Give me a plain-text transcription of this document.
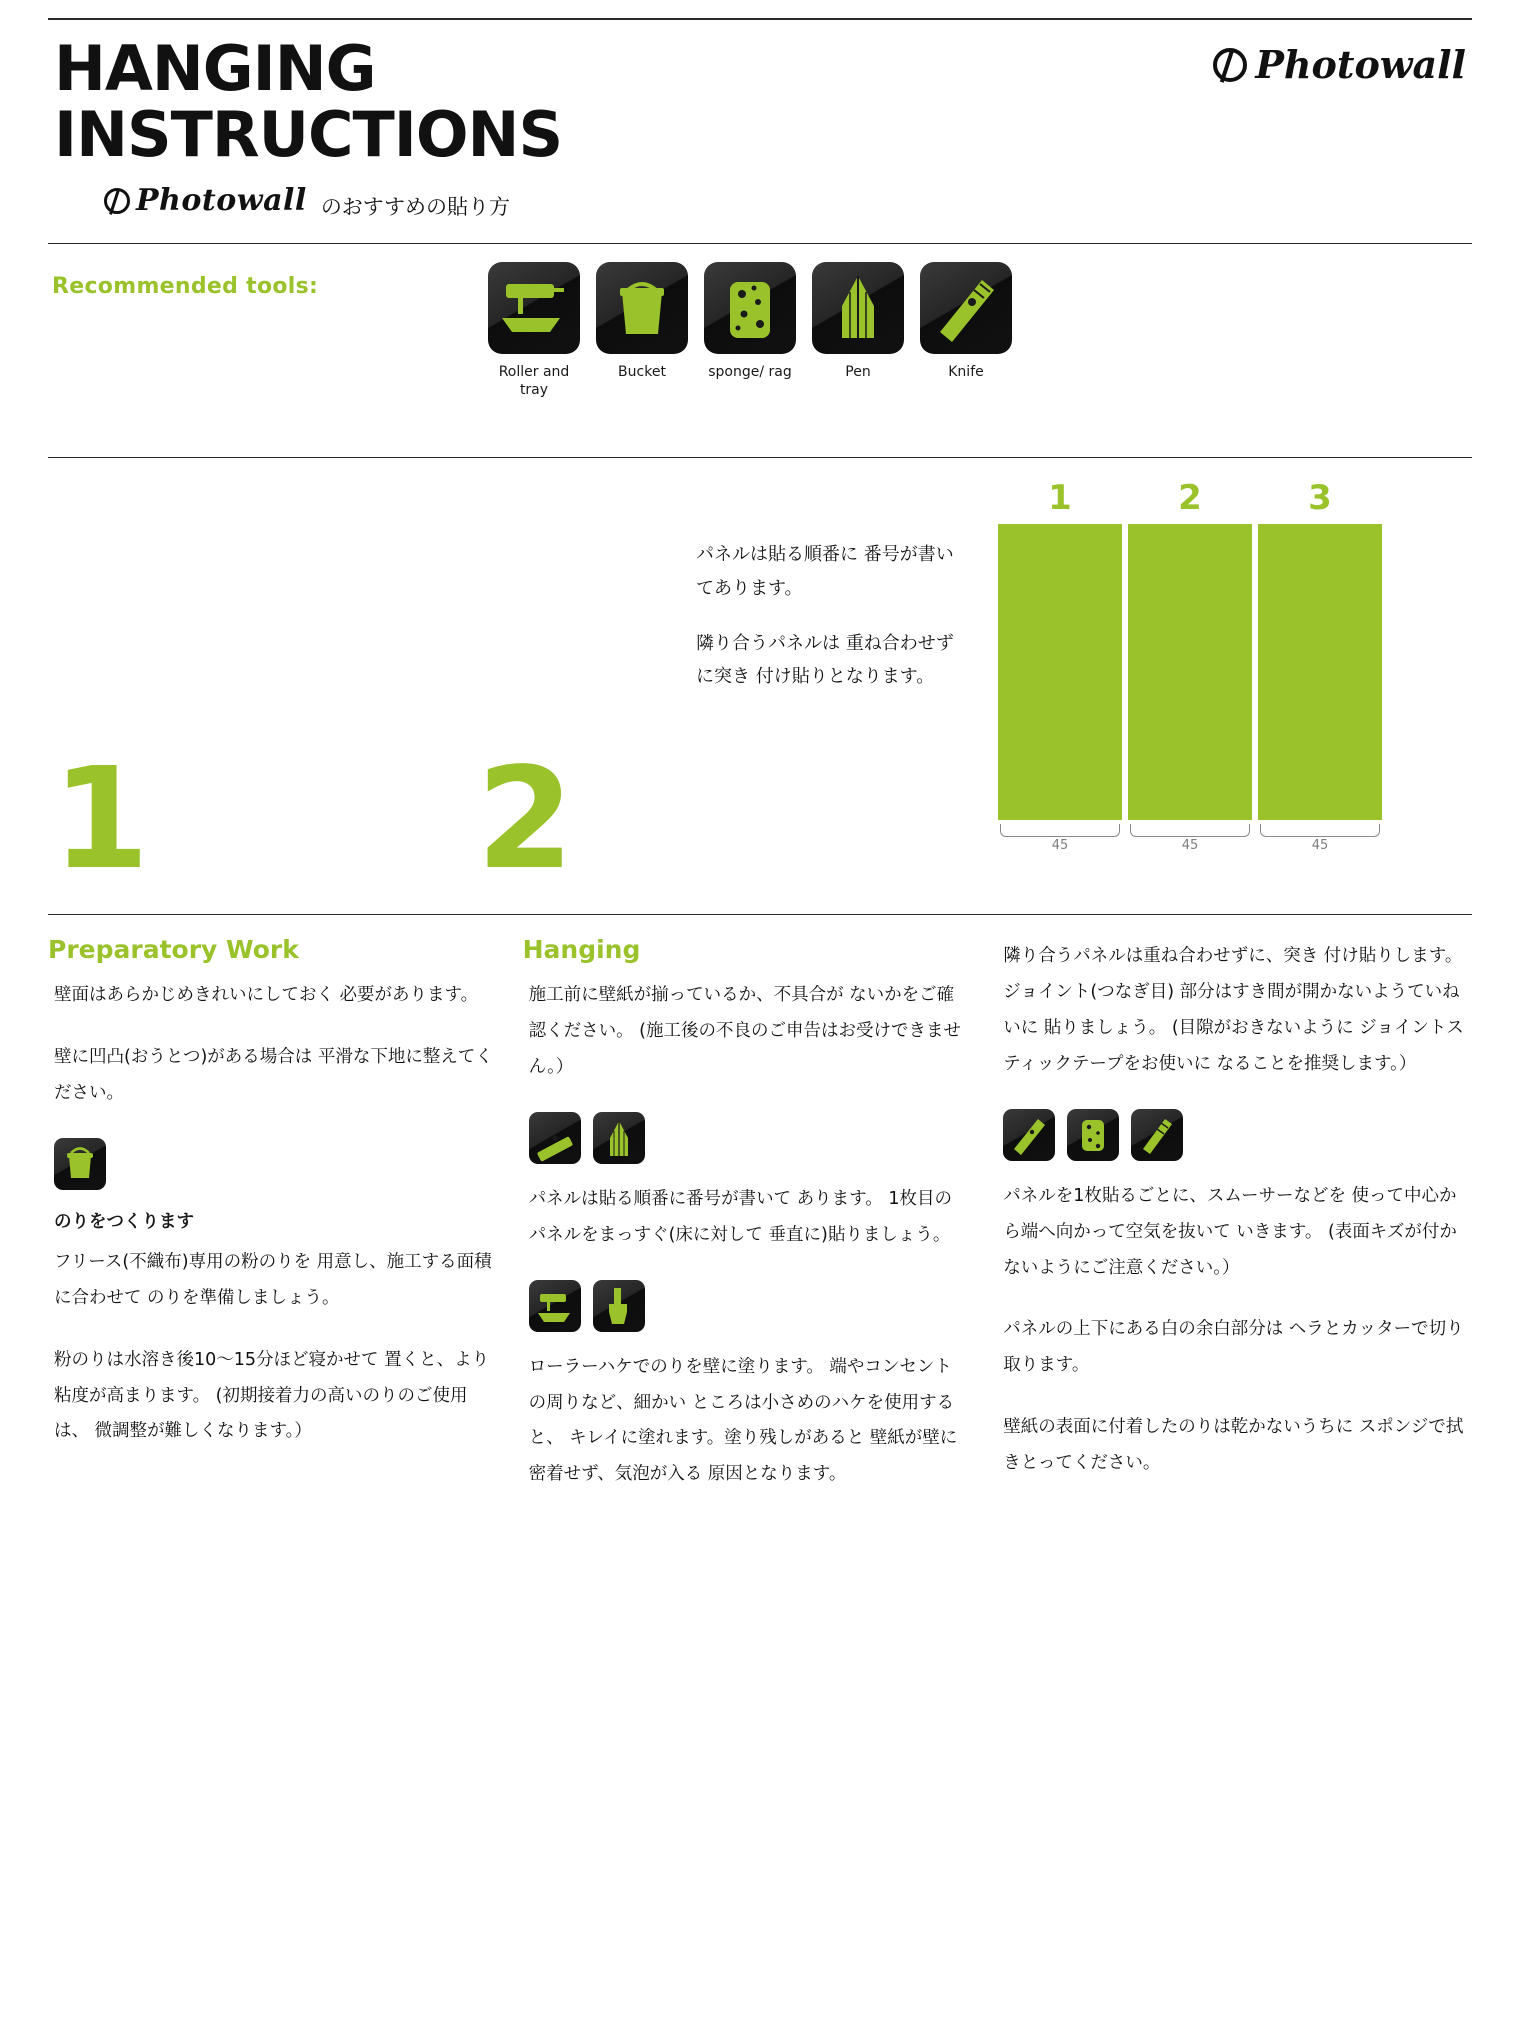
HANGING
INSTRUCTIONS
Photowall のおすすめの貼り方
Photowall
Recommended tools:
Roller and tray
Bucket	sponge/ rag	Pen	Knife
1 2

パネルは貼る順番に 番号が書いてあります。

隣り合うパネルは 重ね合わせずに突き 付け貼りとなります。

1	2	3
45	45	45
Preparatory Work

壁面はあらかじめきれいにしておく 必要があります。

壁に凹凸(おうとつ)がある場合は 平滑な下地に整えてください。

のりをつくります

フリース(不織布)専用の粉のりを 用意し、施工する面積に合わせて のりを準備しましょう。

粉のりは水溶き後10〜15分ほど寝かせて 置くと、より粘度が高まります。 (初期接着力の高いのりのご使用は、 微調整が難しくなります。）

Hanging

施工前に壁紙が揃っているか、不具合が ないかをご確認ください。 (施工後の不良のご申告はお受けできません。）

パネルは貼る順番に番号が書いて あります。 1枚目のパネルをまっすぐ(床に対して 垂直に)貼りましょう。

ローラーハケでのりを壁に塗ります。 端やコンセントの周りなど、細かい ところは小さめのハケを使用すると、 キレイに塗れます。塗り残しがあると 壁紙が壁に密着せず、気泡が入る 原因となります。

隣り合うパネルは重ね合わせずに、突き 付け貼りします。ジョイント(つなぎ目) 部分はすき間が開かないようていねいに 貼りましょう。 (目隙がおきないように ジョイントスティックテープをお使いに なることを推奨します。）

パネルを1枚貼るごとに、スムーサーなどを 使って中心から端へ向かって空気を抜いて いきます。 (表面キズが付かないようにご注意ください。）

パネルの上下にある白の余白部分は ヘラとカッターで切り取ります。

壁紙の表面に付着したのりは乾かないうちに スポンジで拭きとってください。
